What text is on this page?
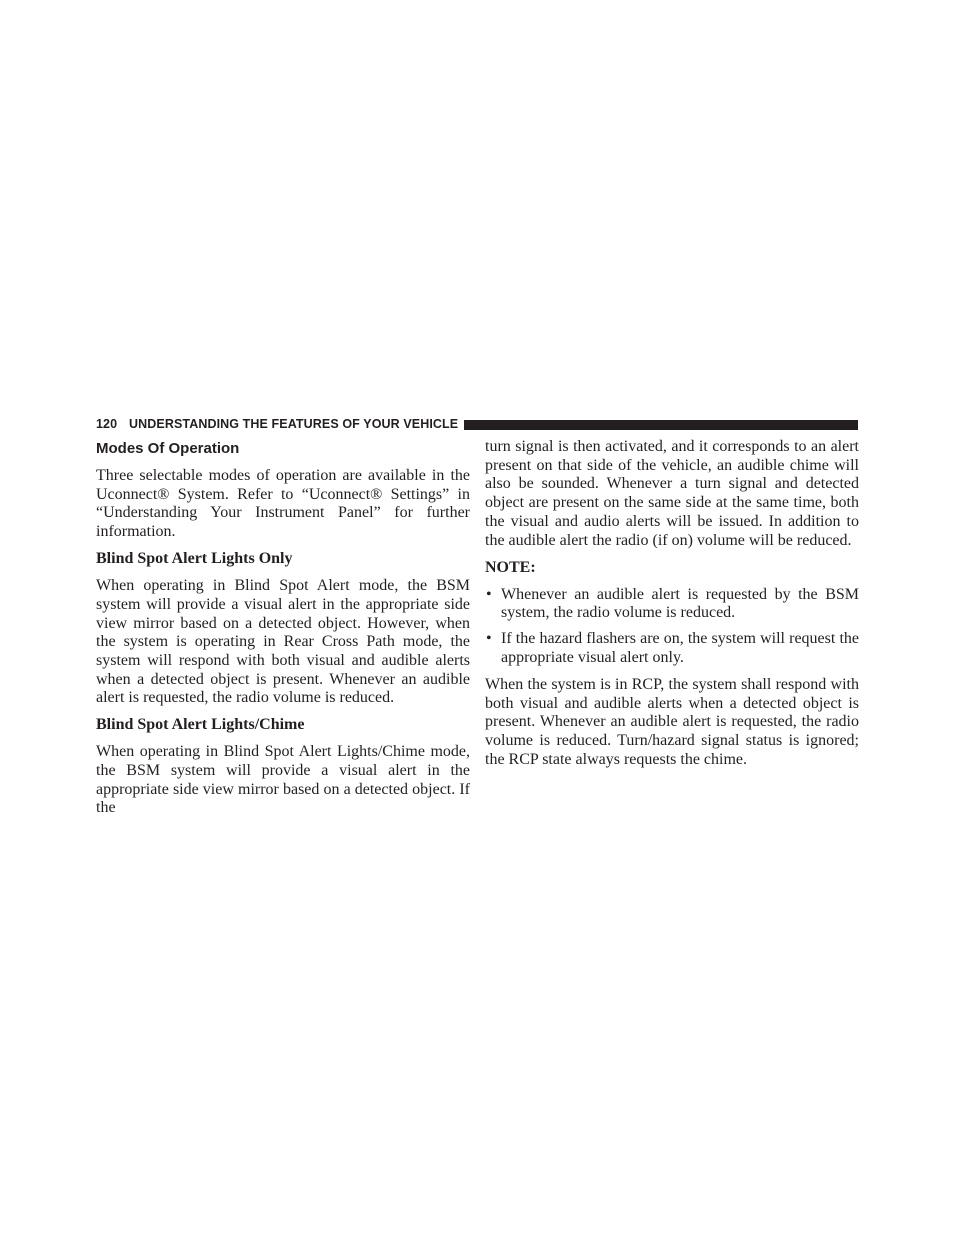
120 UNDERSTANDING THE FEATURES OF YOUR VEHICLE
Modes Of Operation

Three selectable modes of operation are available in the Uconnect® System. Refer to “Uconnect® Settings” in “Understanding Your Instrument Panel” for further information.

Blind Spot Alert Lights Only

When operating in Blind Spot Alert mode, the BSM system will provide a visual alert in the appropriate side view mirror based on a detected object. However, when the system is operating in Rear Cross Path mode, the system will respond with both visual and audible alerts when a detected object is present. Whenever an audible alert is requested, the radio volume is reduced.

Blind Spot Alert Lights/Chime

When operating in Blind Spot Alert Lights/Chime mode, the BSM system will provide a visual alert in the appropriate side view mirror based on a detected object. If the

turn signal is then activated, and it corresponds to an alert present on that side of the vehicle, an audible chime will also be sounded. Whenever a turn signal and detected object are present on the same side at the same time, both the visual and audio alerts will be issued. In addition to the audible alert the radio (if on) volume will be reduced.

NOTE:
• Whenever an audible alert is requested by the BSM system, the radio volume is reduced.
• If the hazard flashers are on, the system will request the appropriate visual alert only.

When the system is in RCP, the system shall respond with both visual and audible alerts when a detected object is present. Whenever an audible alert is requested, the radio volume is reduced. Turn/hazard signal status is ignored; the RCP state always requests the chime.
